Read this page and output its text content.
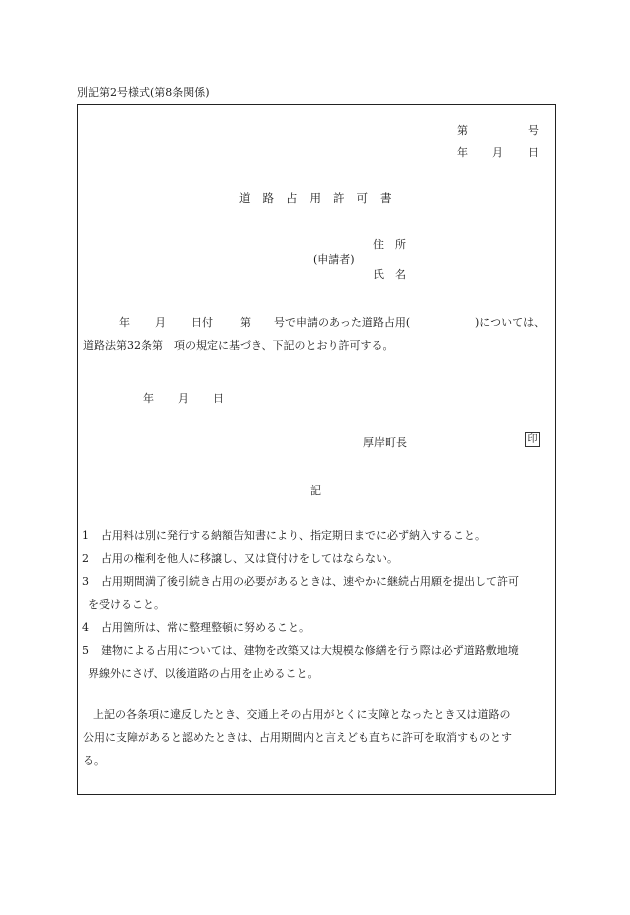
別記第2号様式(第8条関係)
第	号
年 月 日
道路占用許可書
住　所
(申請者)
氏　名
年 月 日付 第 号で申請のあった道路占用(	)については、
道路法第32条第　項の規定に基づき、下記のとおり許可する。
年 月 日
厚岸町長	印
記
1 占用料は別に発行する納額告知書により、指定期日までに必ず納入すること。
2 占用の権利を他人に移譲し、又は貸付けをしてはならない。
3 占用期間満了後引続き占用の必要があるときは、速やかに継続占用願を提出して許可
を受けること。
4 占用箇所は、常に整理整頓に努めること。
5 建物による占用については、建物を改築又は大規模な修繕を行う際は必ず道路敷地境
界線外にさげ、以後道路の占用を止めること。
上記の各条項に違反したとき、交通上その占用がとくに支障となったとき又は道路の
公用に支障があると認めたときは、占用期間内と言えども直ちに許可を取消すものとす
る。
